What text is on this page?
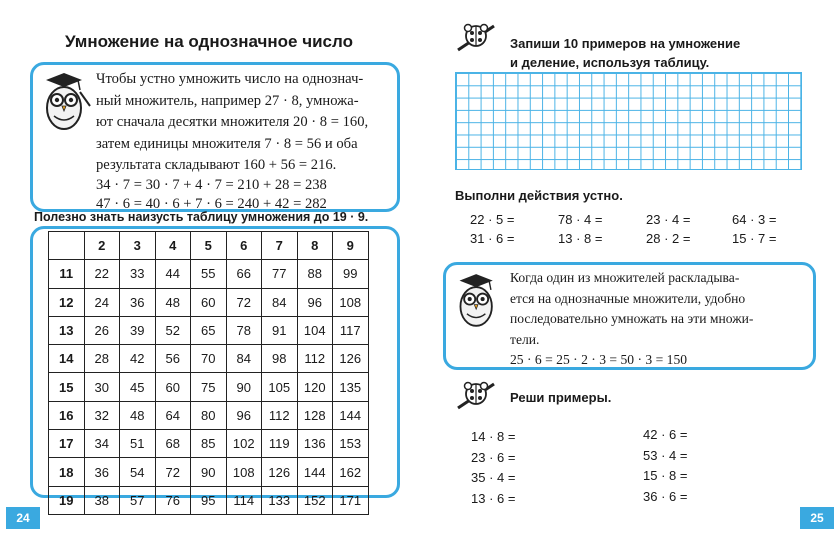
Умножение на однозначное число
Чтобы устно умножить число на однознач-
ный множитель, например 27 · 8, умножа-
ют сначала десятки множителя 20 · 8 = 160,
затем единицы множителя 7 · 8 = 56 и оба
результата складывают 160 + 56 = 216.
34 · 7 = 30 · 7 + 4 · 7 = 210 + 28 = 238
47 · 6 = 40 · 6 + 7 · 6 = 240 + 42 = 282
Полезно знать наизусть таблицу умножения до 19 · 9.
	2	3	4	5	6	7	8	9
11	22	33	44	55	66	77	88	99
12	24	36	48	60	72	84	96	108
13	26	39	52	65	78	91	104	117
14	28	42	56	70	84	98	112	126
15	30	45	60	75	90	105	120	135
16	32	48	64	80	96	112	128	144
17	34	51	68	85	102	119	136	153
18	36	54	72	90	108	126	144	162
19	38	57	76	95	114	133	152	171
24
Запиши 10 примеров на умножение
и деление, используя таблицу.
Выполни действия устно.
22 · 5 =	78 · 4 =	23 · 4 =	64 · 3 =
31 · 6 =	13 · 8 =	28 · 2 =	15 · 7 =
Когда один из множителей раскладыва-
ется на однозначные множители, удобно
последовательно умножать на эти множи-
тели.
25 · 6 = 25 · 2 · 3 = 50 · 3 = 150
Реши примеры.
14 · 8 =
23 · 6 =
35 · 4 =
13 · 6 =
42 · 6 =
53 · 4 =
15 · 8 =
36 · 6 =
25
